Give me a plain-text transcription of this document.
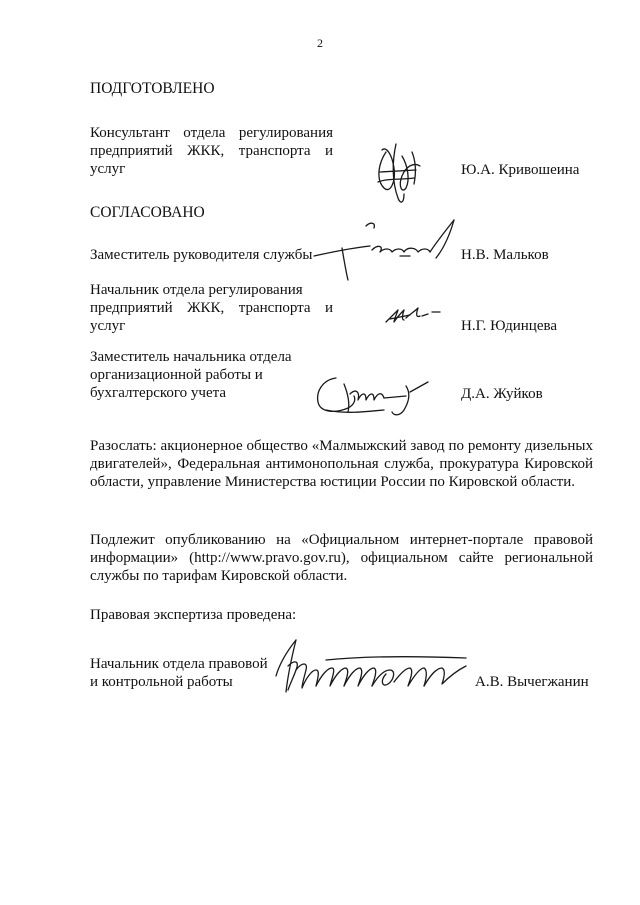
2
ПОДГОТОВЛЕНО
Консультант отдела регулирования
предприятий ЖКК, транспорта и
услуг	Ю.А. Кривошеина
СОГЛАСОВАНО
Заместитель руководителя службы	Н.В. Мальков
Начальник отдела регулирования
предприятий ЖКК, транспорта и
услуг	Н.Г. Юдинцева
Заместитель начальника отдела
организационной работы и
бухгалтерского учета	Д.А. Жуйков
Разослать: акционерное общество «Малмыжский завод по ремонту дизельных двигателей», Федеральная антимонопольная служба, прокуратура Кировской области, управление Министерства юстиции России по Кировской области.
Подлежит опубликованию на «Официальном интернет-портале правовой информации» (http://www.pravo.gov.ru), официальном сайте региональной службы по тарифам Кировской области.
Правовая экспертиза проведена:
Начальник отдела правовой
и контрольной работы	А.В. Вычегжанин
